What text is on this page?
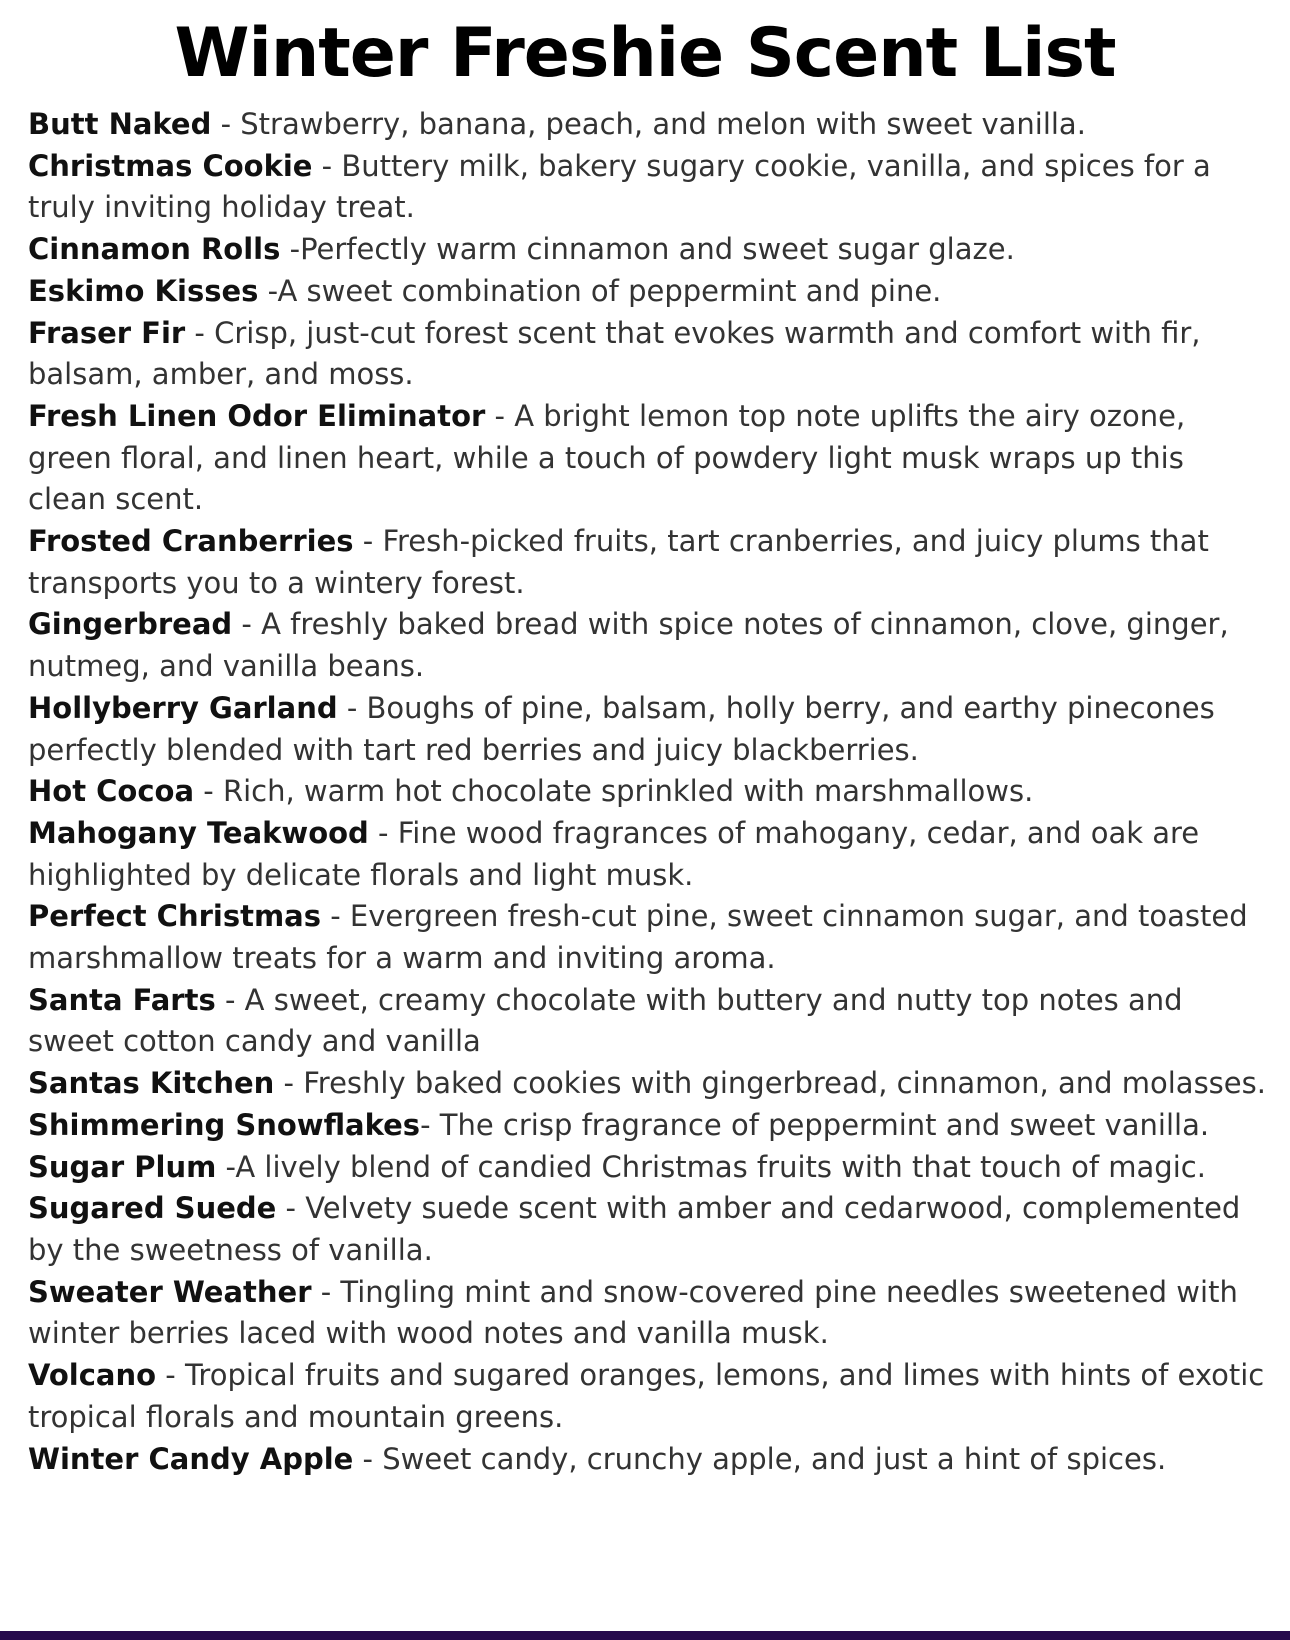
Winter Freshie Scent List

Butt Naked - Strawberry, banana, peach, and melon with sweet vanilla.

Christmas Cookie - Buttery milk, bakery sugary cookie, vanilla, and spices for a truly inviting holiday treat.

Cinnamon Rolls -Perfectly warm cinnamon and sweet sugar glaze.

Eskimo Kisses -A sweet combination of peppermint and pine.

Fraser Fir - Crisp, just-cut forest scent that evokes warmth and comfort with fir, balsam, amber, and moss.

Fresh Linen Odor Eliminator - A bright lemon top note uplifts the airy ozone, green floral, and linen heart, while a touch of powdery light musk wraps up this clean scent.

Frosted Cranberries - Fresh-picked fruits, tart cranberries, and juicy plums that transports you to a wintery forest.

Gingerbread - A freshly baked bread with spice notes of cinnamon, clove, ginger, nutmeg, and vanilla beans.

Hollyberry Garland - Boughs of pine, balsam, holly berry, and earthy pinecones perfectly blended with tart red berries and juicy blackberries.

Hot Cocoa - Rich, warm hot chocolate sprinkled with marshmallows.

Mahogany Teakwood - Fine wood fragrances of mahogany, cedar, and oak are highlighted by delicate florals and light musk.

Perfect Christmas - Evergreen fresh-cut pine, sweet cinnamon sugar, and toasted marshmallow treats for a warm and inviting aroma.

Santa Farts - A sweet, creamy chocolate with buttery and nutty top notes and sweet cotton candy and vanilla

Santas Kitchen - Freshly baked cookies with gingerbread, cinnamon, and molasses.

Shimmering Snowflakes- The crisp fragrance of peppermint and sweet vanilla.

Sugar Plum -A lively blend of candied Christmas fruits with that touch of magic.

Sugared Suede - Velvety suede scent with amber and cedarwood, complemented by the sweetness of vanilla.

Sweater Weather - Tingling mint and snow-covered pine needles sweetened with winter berries laced with wood notes and vanilla musk.

Volcano - Tropical fruits and sugared oranges, lemons, and limes with hints of exotic tropical florals and mountain greens.

Winter Candy Apple - Sweet candy, crunchy apple, and just a hint of spices.
